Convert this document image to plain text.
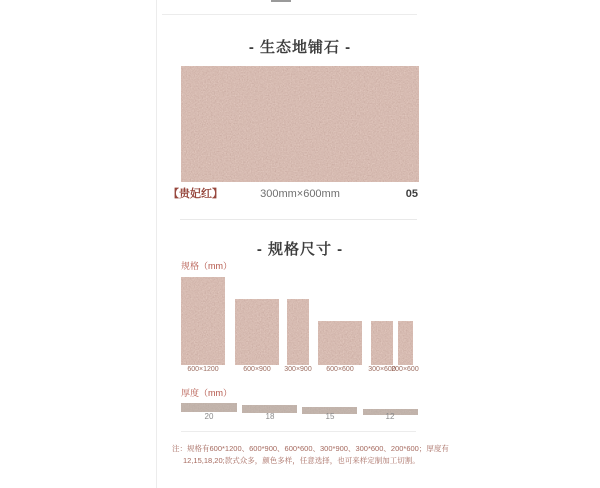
- 生态地铺石 -
【贵妃红】	300mm×600mm	05
- 规格尺寸 -
规格（mm）
600×1200	600×900	300×900	600×600	300×600
200×600
厚度（mm）
20	18	15	12
注：规格有600*1200、600*900、600*600、300*900、300*600、200*600；厚度有
12,15,18,20;款式众多，颜色多样，任意选择，也可来样定制加工切割。
